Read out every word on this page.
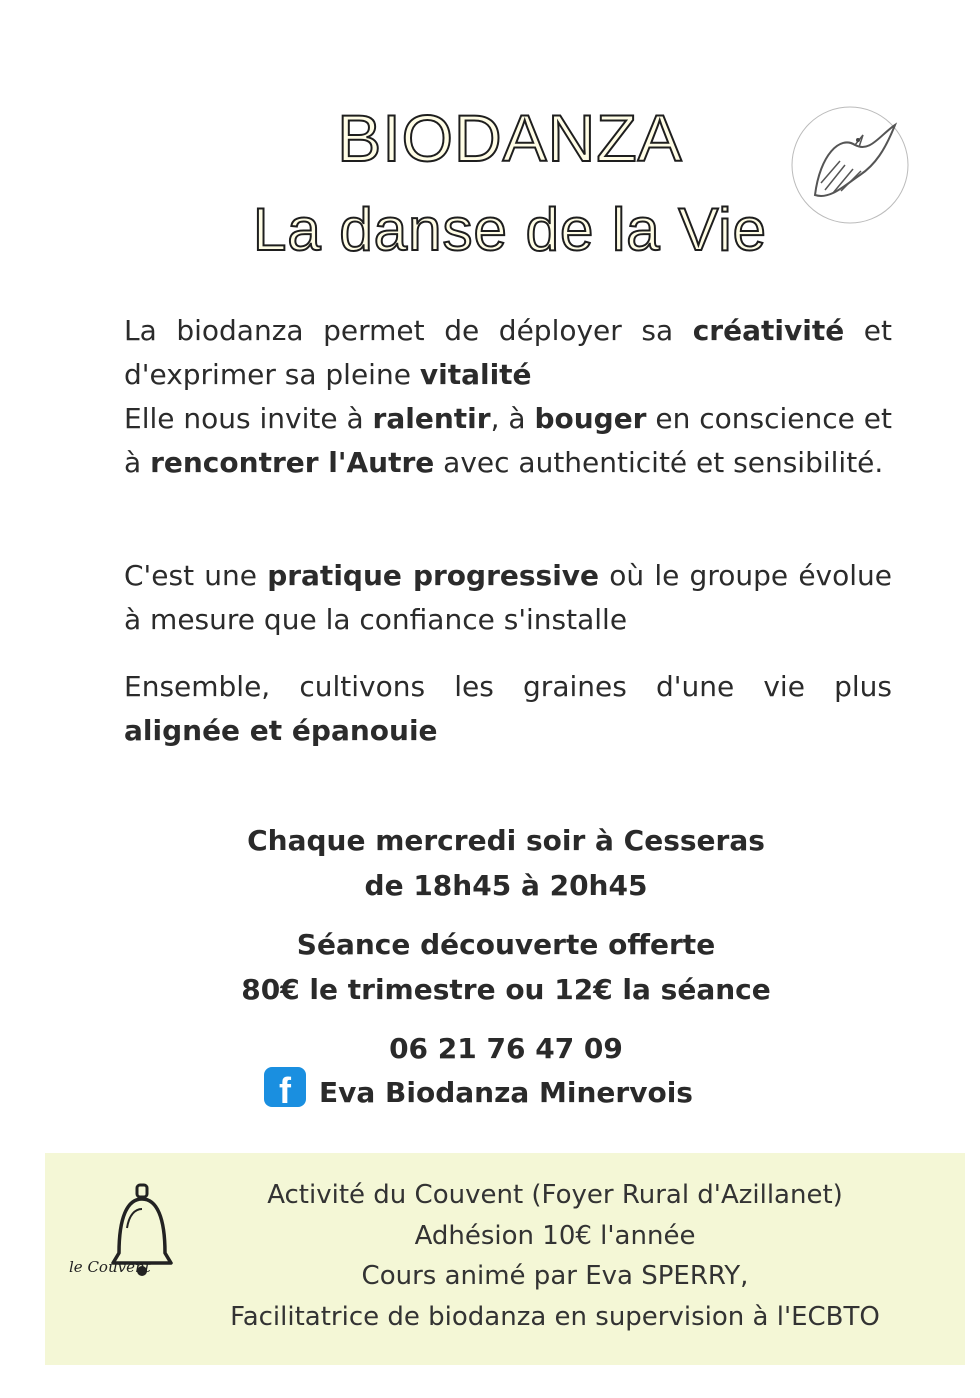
BIODANZA
La danse de la Vie

La biodanza permet de déployer sa créativité et d'exprimer sa pleine vitalité
Elle nous invite à ralentir, à bouger en conscience et à rencontrer l'Autre avec authenticité et sensibilité.

C'est une pratique progressive où le groupe évolue à mesure que la confiance s'installe

Ensemble, cultivons les graines d'une vie plus alignée et épanouie

Chaque mercredi soir à Cesseras
de 18h45 à 20h45
Séance découverte offerte
80€ le trimestre ou 12€ la séance
06 21 76 47 09
f	Eva Biodanza Minervois
le Couvent
Activité du Couvent (Foyer Rural d'Azillanet)
Adhésion 10€ l'année
Cours animé par Eva SPERRY,
Facilitatrice de biodanza en supervision à l'ECBTO
